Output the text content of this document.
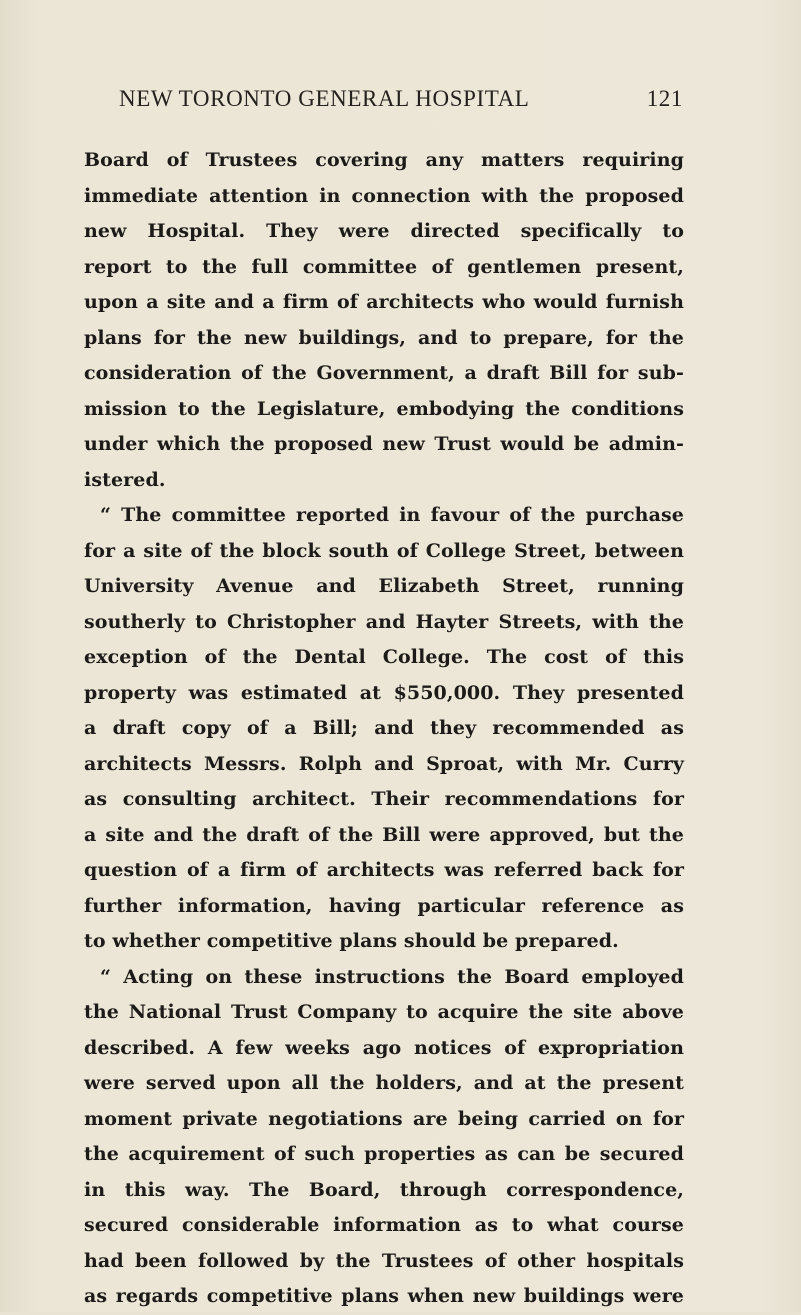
NEW TORONTO GENERAL HOSPITAL	121
Board of Trustees covering any matters requiring
immediate attention in connection with the proposed
new Hospital. They were directed specifically to
report to the full committee of gentlemen present,
upon a site and a firm of architects who would furnish
plans for the new buildings, and to prepare, for the
consideration of the Government, a draft Bill for sub-
mission to the Legislature, embodying the conditions
under which the proposed new Trust would be admin-
istered.
“ The committee reported in favour of the purchase
for a site of the block south of College Street, between
University Avenue and Elizabeth Street, running
southerly to Christopher and Hayter Streets, with the
exception of the Dental College. The cost of this
property was estimated at $550,000. They presented
a draft copy of a Bill; and they recommended as
architects Messrs. Rolph and Sproat, with Mr. Curry
as consulting architect. Their recommendations for
a site and the draft of the Bill were approved, but the
question of a firm of architects was referred back for
further information, having particular reference as
to whether competitive plans should be prepared.
“ Acting on these instructions the Board employed
the National Trust Company to acquire the site above
described. A few weeks ago notices of expropriation
were served upon all the holders, and at the present
moment private negotiations are being carried on for
the acquirement of such properties as can be secured
in this way. The Board, through correspondence,
secured considerable information as to what course
had been followed by the Trustees of other hospitals
as regards competitive plans when new buildings were
